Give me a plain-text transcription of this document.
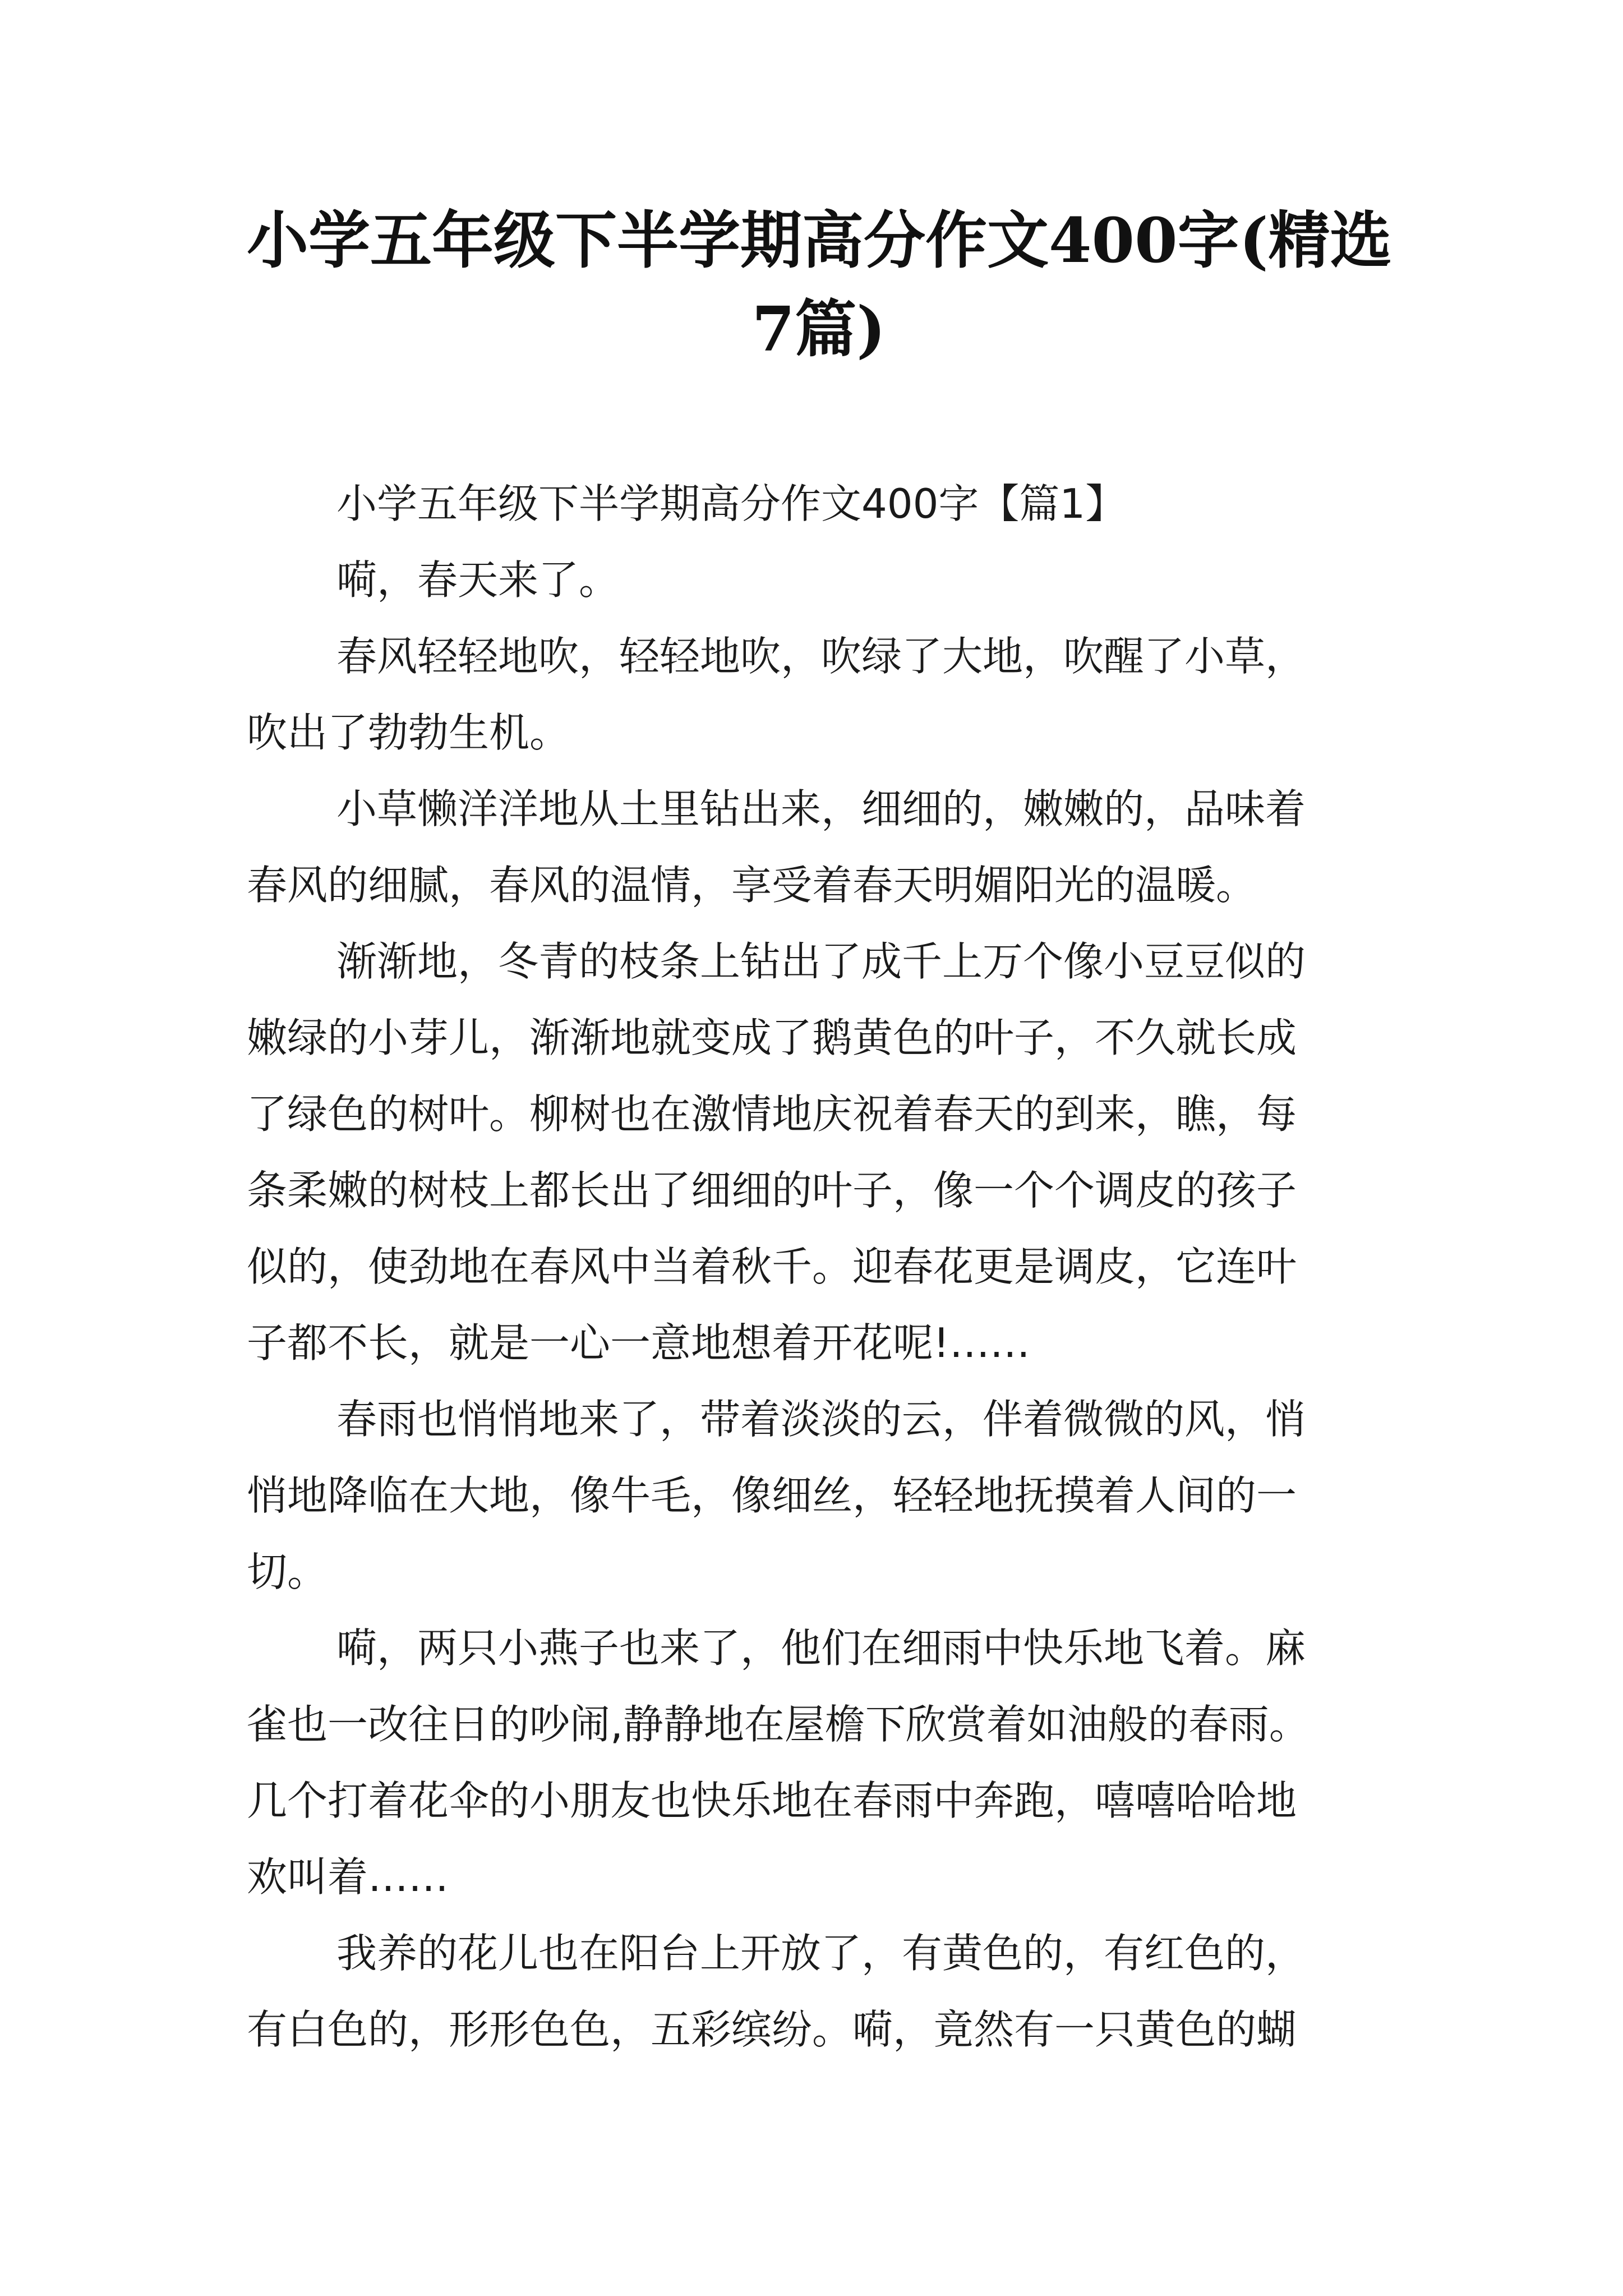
小学五年级下半学期高分作文400字(精选
7篇)
小学五年级下半学期高分作文400字【篇1】
嗬，春天来了。
春风轻轻地吹，轻轻地吹，吹绿了大地，吹醒了小草，
吹出了勃勃生机。
小草懒洋洋地从土里钻出来，细细的，嫩嫩的，品味着
春风的细腻，春风的温情，享受着春天明媚阳光的温暖。
渐渐地，冬青的枝条上钻出了成千上万个像小豆豆似的
嫩绿的小芽儿，渐渐地就变成了鹅黄色的叶子，不久就长成
了绿色的树叶。柳树也在激情地庆祝着春天的到来，瞧，每
条柔嫩的树枝上都长出了细细的叶子，像一个个调皮的孩子
似的，使劲地在春风中当着秋千。迎春花更是调皮，它连叶
子都不长，就是一心一意地想着开花呢!……
春雨也悄悄地来了，带着淡淡的云，伴着微微的风，悄
悄地降临在大地，像牛毛，像细丝，轻轻地抚摸着人间的一
切。
嗬，两只小燕子也来了，他们在细雨中快乐地飞着。麻
雀也一改往日的吵闹,静静地在屋檐下欣赏着如油般的春雨。
几个打着花伞的小朋友也快乐地在春雨中奔跑，嘻嘻哈哈地
欢叫着……
我养的花儿也在阳台上开放了，有黄色的，有红色的，
有白色的，形形色色，五彩缤纷。嗬，竟然有一只黄色的蝴
